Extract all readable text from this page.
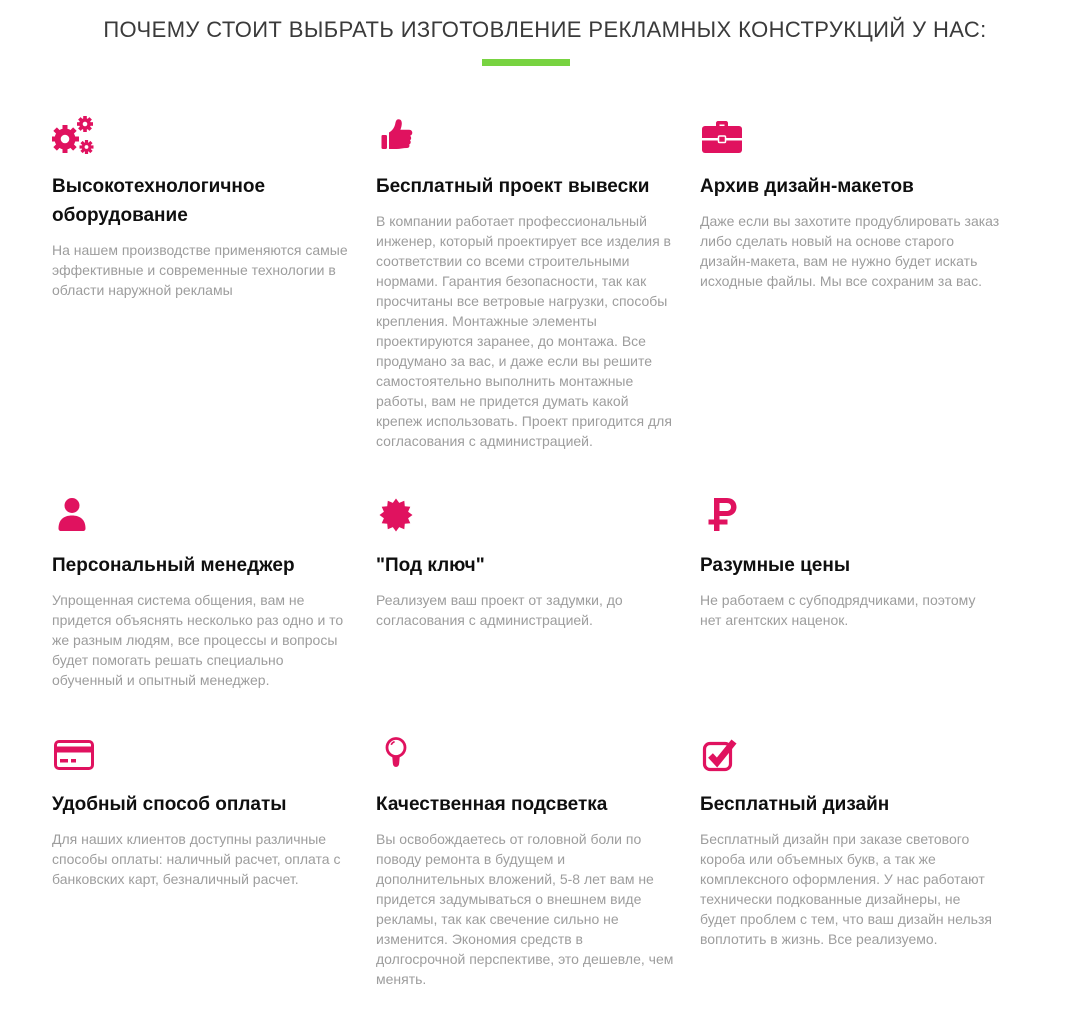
ПОЧЕМУ СТОИТ ВЫБРАТЬ ИЗГОТОВЛЕНИЕ РЕКЛАМНЫХ КОНСТРУКЦИЙ У НАС:
Высокотехнологичное оборудование

На нашем производстве применяются самые эффективные и современные технологии в области наружной рекламы

Бесплатный проект вывески

В компании работает профессиональный инженер, который проектирует все изделия в соответствии со всеми строительными нормами. Гарантия безопасности, так как просчитаны все ветровые нагрузки, способы крепления. Монтажные элементы проектируются заранее, до монтажа. Все продумано за вас, и даже если вы решите самостоятельно выполнить монтажные работы, вам не придется думать какой крепеж использовать. Проект пригодится для согласования с администрацией.

Архив дизайн-макетов

Даже если вы захотите продублировать заказ либо сделать новый на основе старого дизайн-макета, вам не нужно будет искать исходные файлы. Мы все сохраним за вас.

Персональный менеджер

Упрощенная система общения, вам не придется объяснять несколько раз одно и то же разным людям, все процессы и вопросы будет помогать решать специально обученный и опытный менеджер.

"Под ключ"

Реализуем ваш проект от задумки, до согласования с администрацией.

Разумные цены

Не работаем с субподрядчиками, поэтому нет агентских наценок.

Удобный способ оплаты

Для наших клиентов доступны различные способы оплаты: наличный расчет, оплата с банковских карт, безналичный расчет.

Качественная подсветка

Вы освобождаетесь от головной боли по поводу ремонта в будущем и дополнительных вложений, 5-8 лет вам не придется задумываться о внешнем виде рекламы, так как свечение сильно не изменится. Экономия средств в долгосрочной перспективе, это дешевле, чем менять.

Бесплатный дизайн

Бесплатный дизайн при заказе светового короба или объемных букв, а так же комплексного оформления. У нас работают технически подкованные дизайнеры, не будет проблем с тем, что ваш дизайн нельзя воплотить в жизнь. Все реализуемо.
